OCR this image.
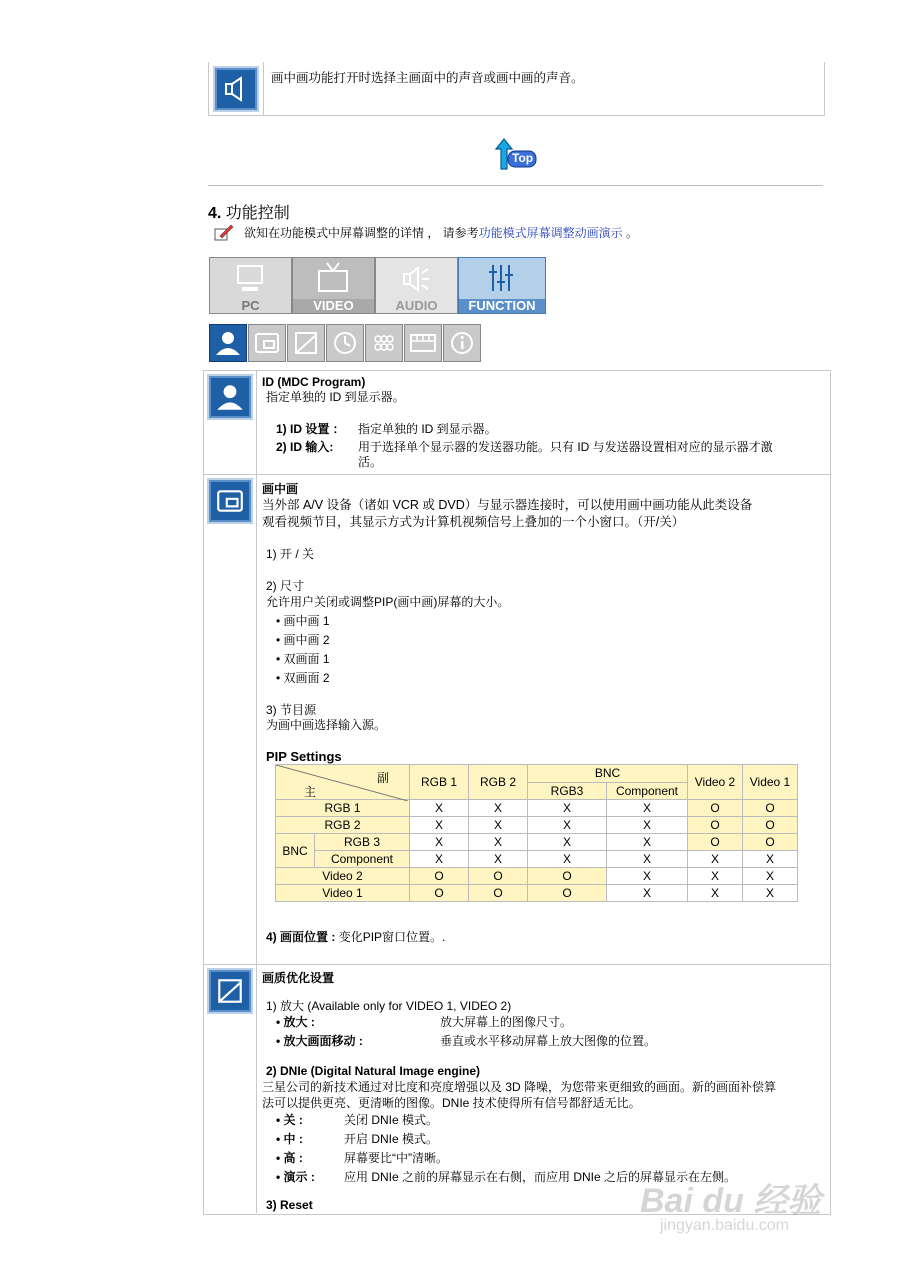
画中画功能打开时选择主画面中的声音或画中画的声音。
Top
4. 功能控制
欲知在功能模式中屏幕调整的详情 ， 请参考功能模式屏幕调整动画演示 。
PC	VIDEO	AUDIO	FUNCTION
ID (MDC Program)
指定单独的 ID 到显示器。
1) ID 设置 ： 指定单独的 ID 到显示器。
2) ID 输入: 用于选择单个显示器的发送器功能。只有 ID 与发送器设置相对应的显示器才激
活。
画中画
当外部 A/V 设备（诸如 VCR 或 DVD）与显示器连接时，可以使用画中画功能从此类设备
观看视频节目，其显示方式为计算机视频信号上叠加的一个小窗口。（开/关）
1) 开 / 关
2) 尺寸
允许用户关闭或调整PIP(画中画)屏幕的大小。
• 画中画 1
• 画中画 2
• 双画面 1
• 双画面 2
3) 节目源
为画中画选择输入源。
PIP Settings
4) 画面位置 : 变化PIP窗口位置。.
画质优化设置
1) 放大 (Available only for VIDEO 1, VIDEO 2)
• 放大 :	放大屏幕上的图像尺寸。
• 放大画面移动 :	垂直或水平移动屏幕上放大图像的位置。
2) DNIe (Digital Natural Image engine)
三星公司的新技术通过对比度和亮度增强以及 3D 降噪，为您带来更细致的画面。新的画面补偿算
法可以提供更亮、更清晰的图像。DNIe 技术使得所有信号都舒适无比。
• 关 :	关闭 DNIe 模式。
• 中 :	开启 DNIe 模式。
• 高 :	屏幕要比“中”清晰。
• 演示 : 应用 DNIe 之前的屏幕显示在右侧，而应用 DNIe 之后的屏幕显示在左侧。
3) Reset
副
主		RGB 1	RGB 2	BNC		Video 2	Video 1
				RGB3	Component		
RGB 1		X	X	X	X	O	O
RGB 2		X	X	X	X	O	O
BNC	RGB 3	X	X	X	X	O	O
	Component	X	X	X	X	X	X
Video 2		O	O	O	X	X	X
Video 1		O	O	O	X	X	X
Bai du 经验
jingyan.baidu.com
